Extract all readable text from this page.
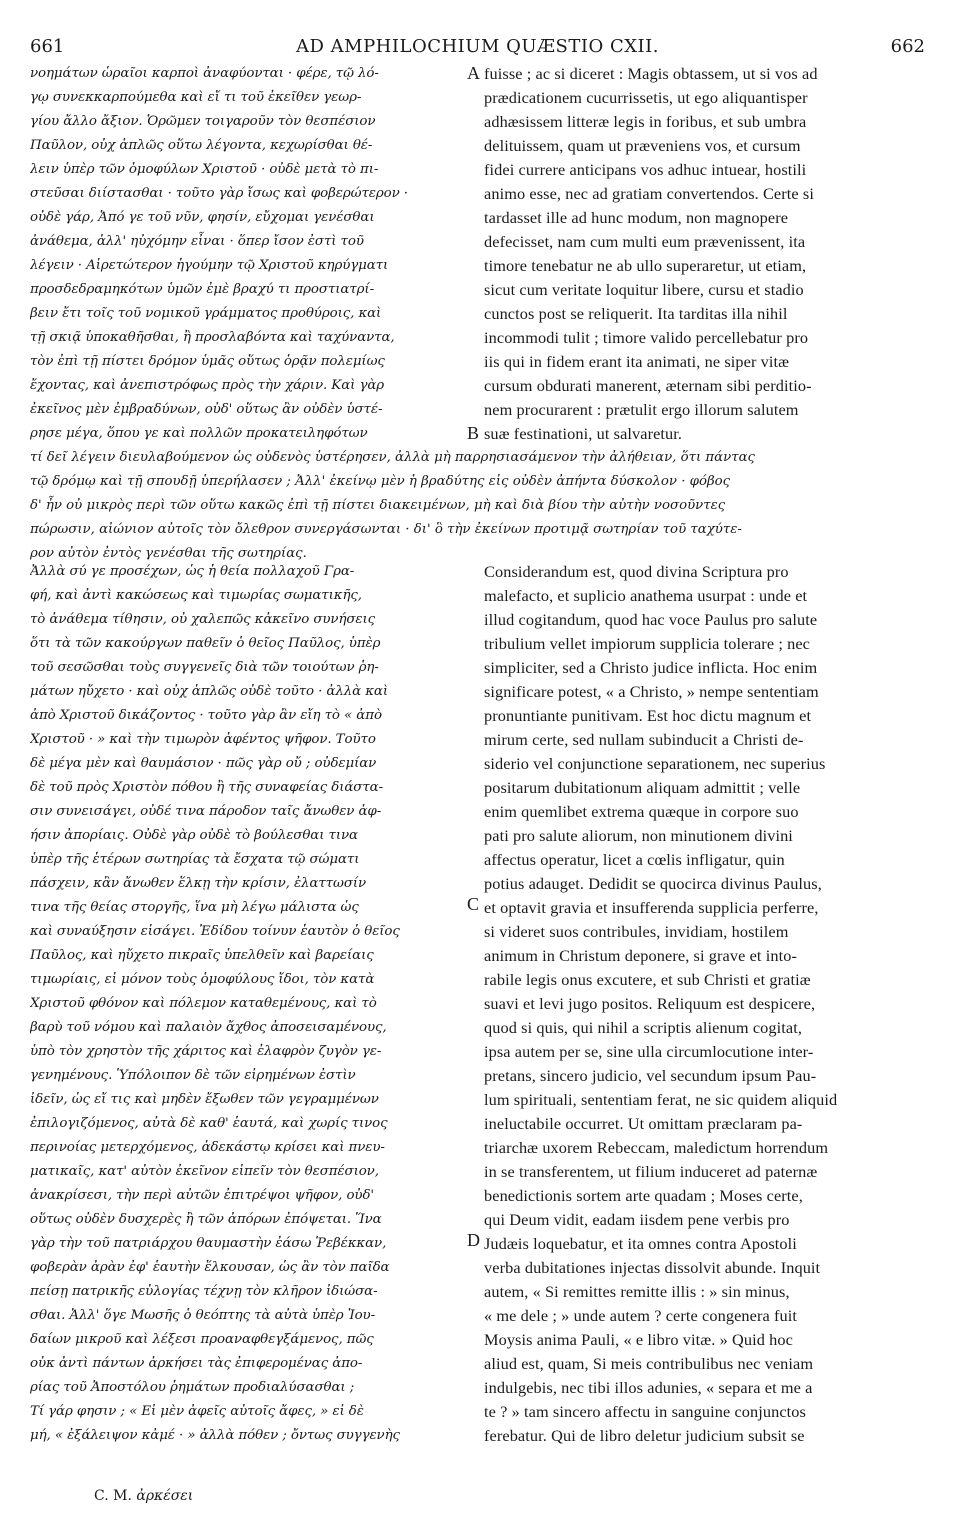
661	AD AMPHILOCHIUM QUÆSTIO CXII.	662
νοημάτων ὡραῖοι καρποὶ ἀναφύονται · φέρε, τῷ λό-
γῳ συνεκκαρπούμεθα καὶ εἴ τι τοῦ ἐκεῖθεν γεωρ-
γίου ἄλλο ἄξιον. Ὁρῶμεν τοιγαροῦν τὸν θεσπέσιον
Παῦλον, οὐχ ἁπλῶς οὕτω λέγοντα, κεχωρίσθαι θέ-
λειν ὑπὲρ τῶν ὁμοφύλων Χριστοῦ · οὐδὲ μετὰ τὸ πι-
στεῦσαι διίστασθαι · τοῦτο γὰρ ἴσως καὶ φοβερώτερον ·
οὐδὲ γάρ, Ἀπό γε τοῦ νῦν, φησίν, εὔχομαι γενέσθαι
ἀνάθεμα, ἀλλ' ηὐχόμην εἶναι · ὅπερ ἴσον ἐστὶ τοῦ
λέγειν · Αἱρετώτερον ἡγούμην τῷ Χριστοῦ κηρύγματι
προσδεδραμηκότων ὑμῶν ἐμὲ βραχύ τι προστιατρί-
βειν ἔτι τοῖς τοῦ νομικοῦ γράμματος προθύροις, καὶ
τῇ σκιᾷ ὑποκαθῆσθαι, ἢ προσλαβόντα καὶ ταχύναντα,
τὸν ἐπὶ τῇ πίστει δρόμον ὑμᾶς οὕτως ὁρᾷν πολεμίως
ἔχοντας, καὶ ἀνεπιστρόφως πρὸς τὴν χάριν. Καὶ γὰρ
ἐκεῖνος μὲν ἐμβραδύνων, οὐδ' οὕτως ἂν οὐδὲν ὑστέ-
ρησε μέγα, ὅπου γε καὶ πολλῶν προκατειληφότων
fuisse ; ac si diceret : Magis obtassem, ut si vos ad
prædicationem cucurrissetis, ut ego aliquantisper
adhæsissem litteræ legis in foribus, et sub umbra
delituissem, quam ut præveniens vos, et cursum
fidei currere anticipans vos adhuc intuear, hostili
animo esse, nec ad gratiam convertendos. Certe si
tardasset ille ad hunc modum, non magnopere
defecisset, nam cum multi eum prævenissent, ita
timore tenebatur ne ab ullo superaretur, ut etiam,
sicut cum veritate loquitur libere, cursu et stadio
cunctos post se reliquerit. Ita tarditas illa nihil
incommodi tulit ; timore valido percellebatur pro
iis qui in fidem erant ita animati, ne siper vitæ
cursum obdurati manerent, æternam sibi perditio-
nem procurarent : prætulit ergo illorum salutem
suæ festinationi, ut salvaretur.
τί δεῖ λέγειν διευλαβούμενον ὡς οὐδενὸς ὑστέρησεν, ἀλλὰ μὴ παρρησιασάμενον τὴν ἀλήθειαν, ὅτι πάντας
τῷ δρόμῳ καὶ τῇ σπουδῇ ὑπερήλασεν ; Ἀλλ' ἐκείνῳ μὲν ἡ βραδύτης εἰς οὐδὲν ἀπήντα δύσκολον · φόβος
δ' ἦν οὐ μικρὸς περὶ τῶν οὕτω κακῶς ἐπὶ τῇ πίστει διακειμένων, μὴ καὶ διὰ βίου τὴν αὐτὴν νοσοῦντες
πώρωσιν, αἰώνιον αὐτοῖς τὸν ὄλεθρον συνεργάσωνται · δι' ὃ τὴν ἐκείνων προτιμᾷ σωτηρίαν τοῦ ταχύτε-
ρον αὐτὸν ἐντὸς γενέσθαι τῆς σωτηρίας.
Ἀλλὰ σύ γε προσέχων, ὡς ἡ θεία πολλαχοῦ Γρα-
φή, καὶ ἀντὶ κακώσεως καὶ τιμωρίας σωματικῆς,
τὸ ἀνάθεμα τίθησιν, οὐ χαλεπῶς κἀκεῖνο συνήσεις
ὅτι τὰ τῶν κακούργων παθεῖν ὁ θεῖος Παῦλος, ὑπὲρ
τοῦ σεσῶσθαι τοὺς συγγενεῖς διὰ τῶν τοιούτων ῥη-
μάτων ηὔχετο · καὶ οὐχ ἁπλῶς οὐδὲ τοῦτο · ἀλλὰ καὶ
ἀπὸ Χριστοῦ δικάζοντος · τοῦτο γὰρ ἂν εἴη τὸ « ἀπὸ
Χριστοῦ · » καὶ τὴν τιμωρὸν ἀφέντος ψῆφον. Τοῦτο
δὲ μέγα μὲν καὶ θαυμάσιον · πῶς γὰρ οὔ ; οὐδεμίαν
δὲ τοῦ πρὸς Χριστὸν πόθου ἢ τῆς συναφείας διάστα-
σιν συνεισάγει, οὐδέ τινα πάροδον ταῖς ἄνωθεν ἀφ-
ήσιν ἀπορίαις. Οὐδὲ γὰρ οὐδὲ τὸ βούλεσθαι τινα
ὑπὲρ τῆς ἑτέρων σωτηρίας τὰ ἔσχατα τῷ σώματι
πάσχειν, κἂν ἄνωθεν ἕλκῃ τὴν κρίσιν, ἐλαττωσίν
τινα τῆς θείας στοργῆς, ἵνα μὴ λέγω μάλιστα ὡς
καὶ συναύξησιν εἰσάγει. Ἐδίδου τοίνυν ἑαυτὸν ὁ θεῖος
Παῦλος, καὶ ηὔχετο πικραῖς ὑπελθεῖν καὶ βαρείαις
τιμωρίαις, εἰ μόνον τοὺς ὁμοφύλους ἴδοι, τὸν κατὰ
Χριστοῦ φθόνον καὶ πόλεμον καταθεμένους, καὶ τὸ
βαρὺ τοῦ νόμου καὶ παλαιὸν ἄχθος ἀποσεισαμένους,
ὑπὸ τὸν χρηστὸν τῆς χάριτος καὶ ἐλαφρὸν ζυγὸν γε-
γενημένους. Ὑπόλοιπον δὲ τῶν εἰρημένων ἐστὶν
ἰδεῖν, ὡς εἴ τις καὶ μηδὲν ἔξωθεν τῶν γεγραμμένων
ἐπιλογιζόμενος, αὐτὰ δὲ καθ' ἑαυτά, καὶ χωρίς τινος
περινοίας μετερχόμενος, ἀδεκάστῳ κρίσει καὶ πνευ-
ματικαῖς, κατ' αὐτὸν ἐκεῖνον εἰπεῖν τὸν θεσπέσιον,
ἀνακρίσεσι, τὴν περὶ αὐτῶν ἐπιτρέψοι ψῆφον, οὐδ'
οὕτως οὐδὲν δυσχερὲς ἢ τῶν ἀπόρων ἐπόψεται. Ἵνα
γὰρ τὴν τοῦ πατριάρχου θαυμαστὴν ἐάσω Ῥεβέκκαν,
φοβερὰν ἀρὰν ἐφ' ἑαυτὴν ἕλκουσαν, ὡς ἂν τὸν παῖδα
πείσῃ πατρικῆς εὐλογίας τέχνῃ τὸν κλῆρον ἰδιώσα-
σθαι. Ἀλλ' ὅγε Μωσῆς ὁ θεόπτης τὰ αὐτὰ ὑπὲρ Ἰου-
δαίων μικροῦ καὶ λέξεσι προαναφθεγξάμενος, πῶς
οὐκ ἀντὶ πάντων ἀρκήσει τὰς ἐπιφερομένας ἀπο-
ρίας τοῦ Ἀποστόλου ῥημάτων προδιαλύσασθαι ;
Τί γάρ φησιν ; « Εἰ μὲν ἀφεῖς αὐτοῖς ἄφες, » εἰ δὲ
μή, « ἐξάλειψον κἀμέ · » ἀλλὰ πόθεν ; ὄντως συγγενὴς
Considerandum est, quod divina Scriptura pro
malefacto, et suplicio anathema usurpat : unde et
illud cogitandum, quod hac voce Paulus pro salute
tribulium vellet impiorum supplicia tolerare ; nec
simpliciter, sed a Christo judice inflicta. Hoc enim
significare potest, « a Christo, » nempe sententiam
pronuntiante punitivam. Est hoc dictu magnum et
mirum certe, sed nullam subinducit a Christi de-
siderio vel conjunctione separationem, nec superius
positarum dubitationum aliquam admittit ; velle
enim quemlibet extrema quæque in corpore suo
pati pro salute aliorum, non minutionem divini
affectus operatur, licet a cœlis infligatur, quin
potius adauget. Dedidit se quocirca divinus Paulus,
et optavit gravia et insufferenda supplicia perferre,
si videret suos contribules, invidiam, hostilem
animum in Christum deponere, si grave et into-
rabile legis onus excutere, et sub Christi et gratiæ
suavi et levi jugo positos. Reliquum est despicere,
quod si quis, qui nihil a scriptis alienum cogitat,
ipsa autem per se, sine ulla circumlocutione inter-
pretans, sincero judicio, vel secundum ipsum Pau-
lum spirituali, sententiam ferat, ne sic quidem aliquid
ineluctabile occurret. Ut omittam præclaram pa-
triarchæ uxorem Rebeccam, maledictum horrendum
in se transferentem, ut filium induceret ad paternæ
benedictionis sortem arte quadam ; Moses certe,
qui Deum vidit, eadam iisdem pene verbis pro
Judæis loquebatur, et ita omnes contra Apostoli
verba dubitationes injectas dissolvit abunde. Inquit
autem, « Si remittes remitte illis : » sin minus,
« me dele ; » unde autem ? certe congenera fuit
Moysis anima Pauli, « e libro vitæ. » Quid hoc
aliud est, quam, Si meis contribulibus nec veniam
indulgebis, nec tibi illos adunies, « separa et me a
te ? » tam sincero affectu in sanguine conjunctos
ferebatur. Qui de libro deletur judicium subsit se
A
B
C
D
C. M. ἀρκέσει
